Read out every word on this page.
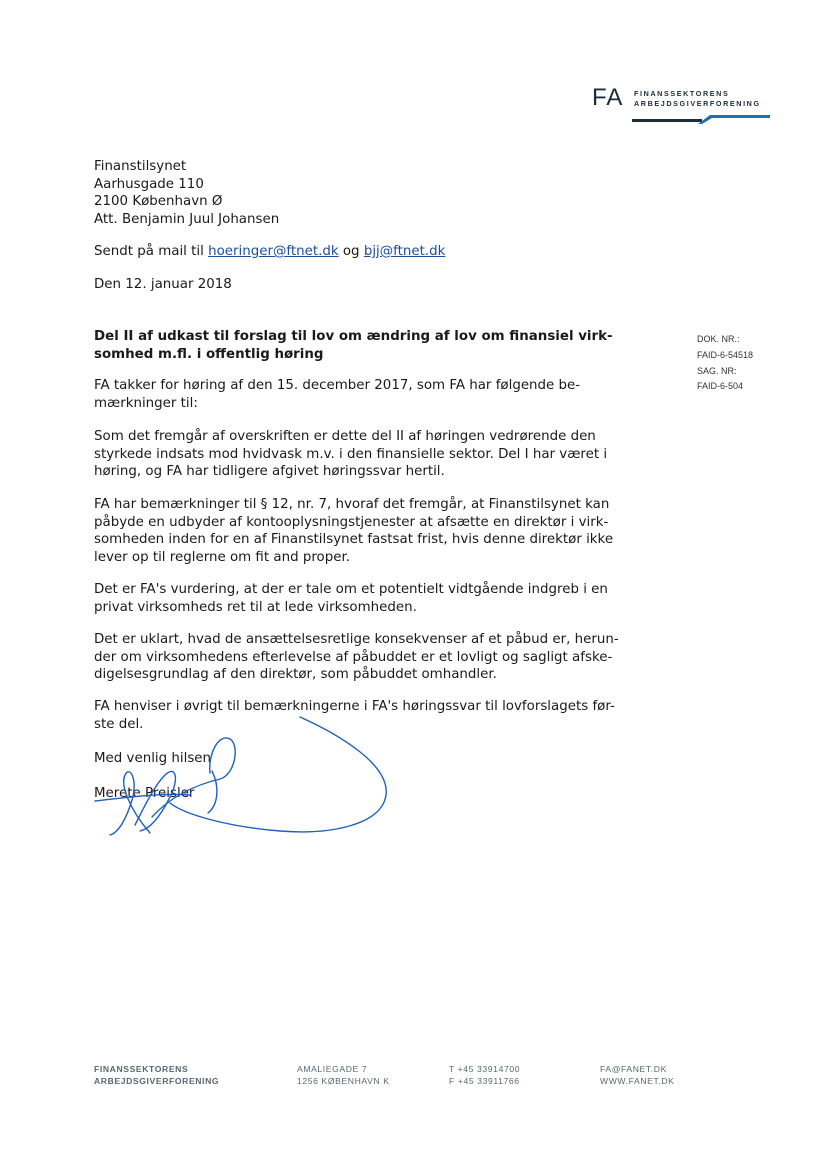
FA FINANSSEKTORENS
ARBEJDSGIVERFORENING
Finanstilsynet
Aarhusgade 110
2100 København Ø
Att. Benjamin Juul Johansen
Sendt på mail til hoeringer@ftnet.dk og bjj@ftnet.dk
Den 12. januar 2018
Del II af udkast til forslag til lov om ændring af lov om finansiel virk-
somhed m.fl. i offentlig høring
DOK. NR.:
FAID-6-54518
SAG. NR:
FAID-6-504
FA takker for høring af den 15. december 2017, som FA har følgende be-
mærkninger til:
Som det fremgår af overskriften er dette del II af høringen vedrørende den
styrkede indsats mod hvidvask m.v. i den finansielle sektor. Del I har været i
høring, og FA har tidligere afgivet høringssvar hertil.
FA har bemærkninger til § 12, nr. 7, hvoraf det fremgår, at Finanstilsynet kan
påbyde en udbyder af kontooplysningstjenester at afsætte en direktør i virk-
somheden inden for en af Finanstilsynet fastsat frist, hvis denne direktør ikke
lever op til reglerne om fit and proper.
Det er FA's vurdering, at der er tale om et potentielt vidtgående indgreb i en
privat virksomheds ret til at lede virksomheden.
Det er uklart, hvad de ansættelsesretlige konsekvenser af et påbud er, herun-
der om virksomhedens efterlevelse af påbuddet er et lovligt og sagligt afske-
digelsesgrundlag af den direktør, som påbuddet omhandler.
FA henviser i øvrigt til bemærkningerne i FA's høringssvar til lovforslagets før-
ste del.
Med venlig hilsen
Merete Preisler
FINANSSEKTORENS
ARBEJDSGIVERFORENING
AMALIEGADE 7
1256 KØBENHAVN K
T +45 33914700
F +45 33911766
FA@FANET.DK
WWW.FANET.DK
